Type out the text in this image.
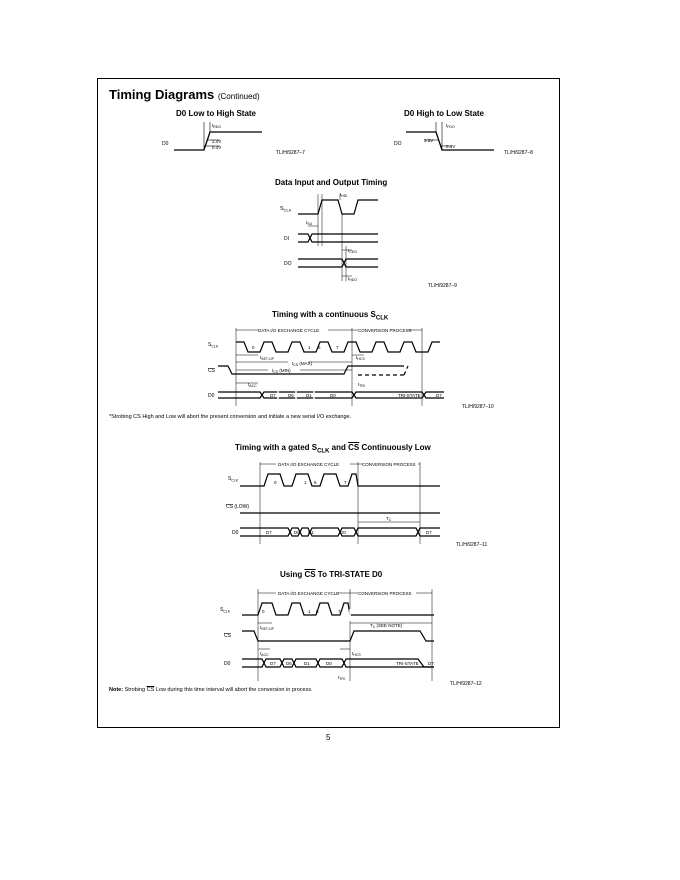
Timing Diagrams (Continued)
D0 Low to High State
$t_{RDO}$
D0	2.4V
0.4V
TL/H/9287–7
D0 High to Low State
$t_{FDO}$
DO
3.5V
0.4V
TL/H/9287–8
Data Input and Output Timing
$t_{HDI}$
$t_{SU}$
$t_{CDO}$
$t_{HDO}$
$S_{CLK}$
DI
DO
TL/H/9287–9
Timing with a continuous $S_{CLK}$
DATA I/O EXCHANGE CYCLE	CONVERSION PROCESS
0	1 6	7
$t_{SET-UP}$
$t_{CS}$ (MAX)
$t_{HCS}$
$t_{CS}$ (MIN)
$t_{ACC}$	$t_{TRI}$
$S_{CLK}$
CS
D0	D7	D6	D1	D0	TRI-STATE	D7
TL/H/9287–10
*Strobing CS High and Low will abort the present conversion and initiate a new serial I/O exchange.
Timing with a gated $S_{CLK}$ and $\overline{CS}$ Continuously Low
DATA I/O EXCHANGE CYCLE	CONVERSION PROCESS
0	1 6	7
$T_C$
$S_{CLK}$
CS (LOW)
D0	D7	D6 D1	D0	D7
TL/H/9287–11
Using $\overline{CS}$ To TRI-STATE D0
DATA I/O EXCHANGE CYCLE	CONVERSION PROCESS
0	1 6	7
$t_{SET-UP}$
$T_C$ (SEE NOTE)
$t_{ACC}$	$t_{HCS}$
$t_{TRI}$
$S_{CLK}$
CS
D0	D7 D6	D1	D0	TRI-STATE D7
TL/H/9287–12
Note: Strobing $\overline{CS}$ Low during this time interval will abort the conversion in process.
5
